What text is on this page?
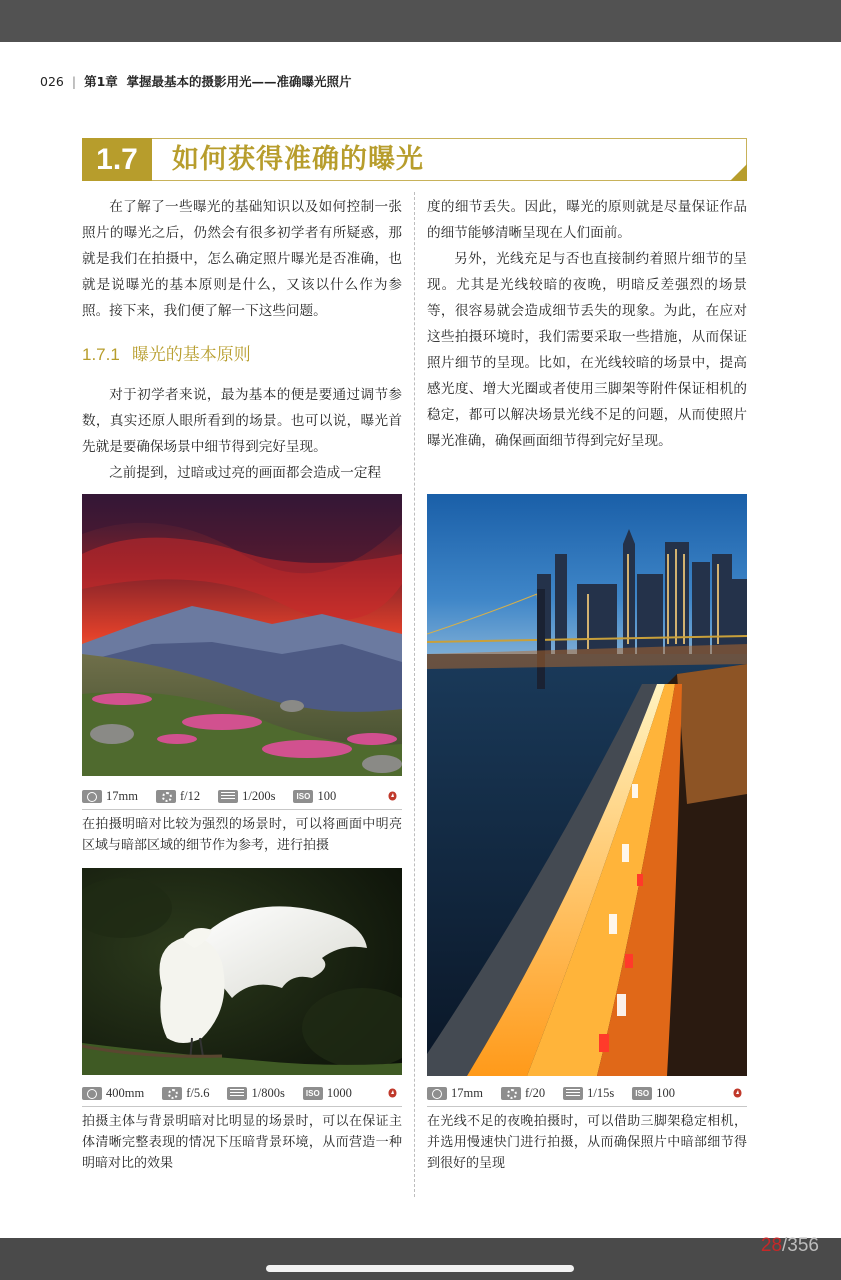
026 | 第1章 掌握最基本的摄影用光——准确曝光照片
1.7	如何获得准确的曝光

在了解了一些曝光的基础知识以及如何控制一张照片的曝光之后，仍然会有很多初学者有所疑惑，那就是我们在拍摄中，怎么确定照片曝光是否准确，也就是说曝光的基本原则是什么，又该以什么作为参照。接下来，我们便了解一下这些问题。

1.7.1 曝光的基本原则

对于初学者来说，最为基本的便是要通过调节参数，真实还原人眼所看到的场景。也可以说，曝光首先就是要确保场景中细节得到完好呈现。

之前提到，过暗或过亮的画面都会造成一定程

度的细节丢失。因此，曝光的原则就是尽量保证作品的细节能够清晰呈现在人们面前。

另外，光线充足与否也直接制约着照片细节的呈现。尤其是光线较暗的夜晚，明暗反差强烈的场景等，很容易就会造成细节丢失的现象。为此，在应对这些拍摄环境时，我们需要采取一些措施，从而保证照片细节的呈现。比如，在光线较暗的场景中，提高感光度、增大光圈或者使用三脚架等附件保证相机的稳定，都可以解决场景光线不足的问题，从而使照片曝光准确，确保画面细节得到完好呈现。

17mm	f/12	1/200s	ISO 100
在拍摄明暗对比较为强烈的场景时，可以将画面中明亮区域与暗部区域的细节作为参考，进行拍摄
400mm	f/5.6	1/800s	ISO 1000
拍摄主体与背景明暗对比明显的场景时，可以在保证主体清晰完整表现的情况下压暗背景环境，从而营造一种明暗对比的效果
17mm	f/20	1/15s	ISO 100
在光线不足的夜晚拍摄时，可以借助三脚架稳定相机，并选用慢速快门进行拍摄，从而确保照片中暗部细节得到很好的呈现
28/356
